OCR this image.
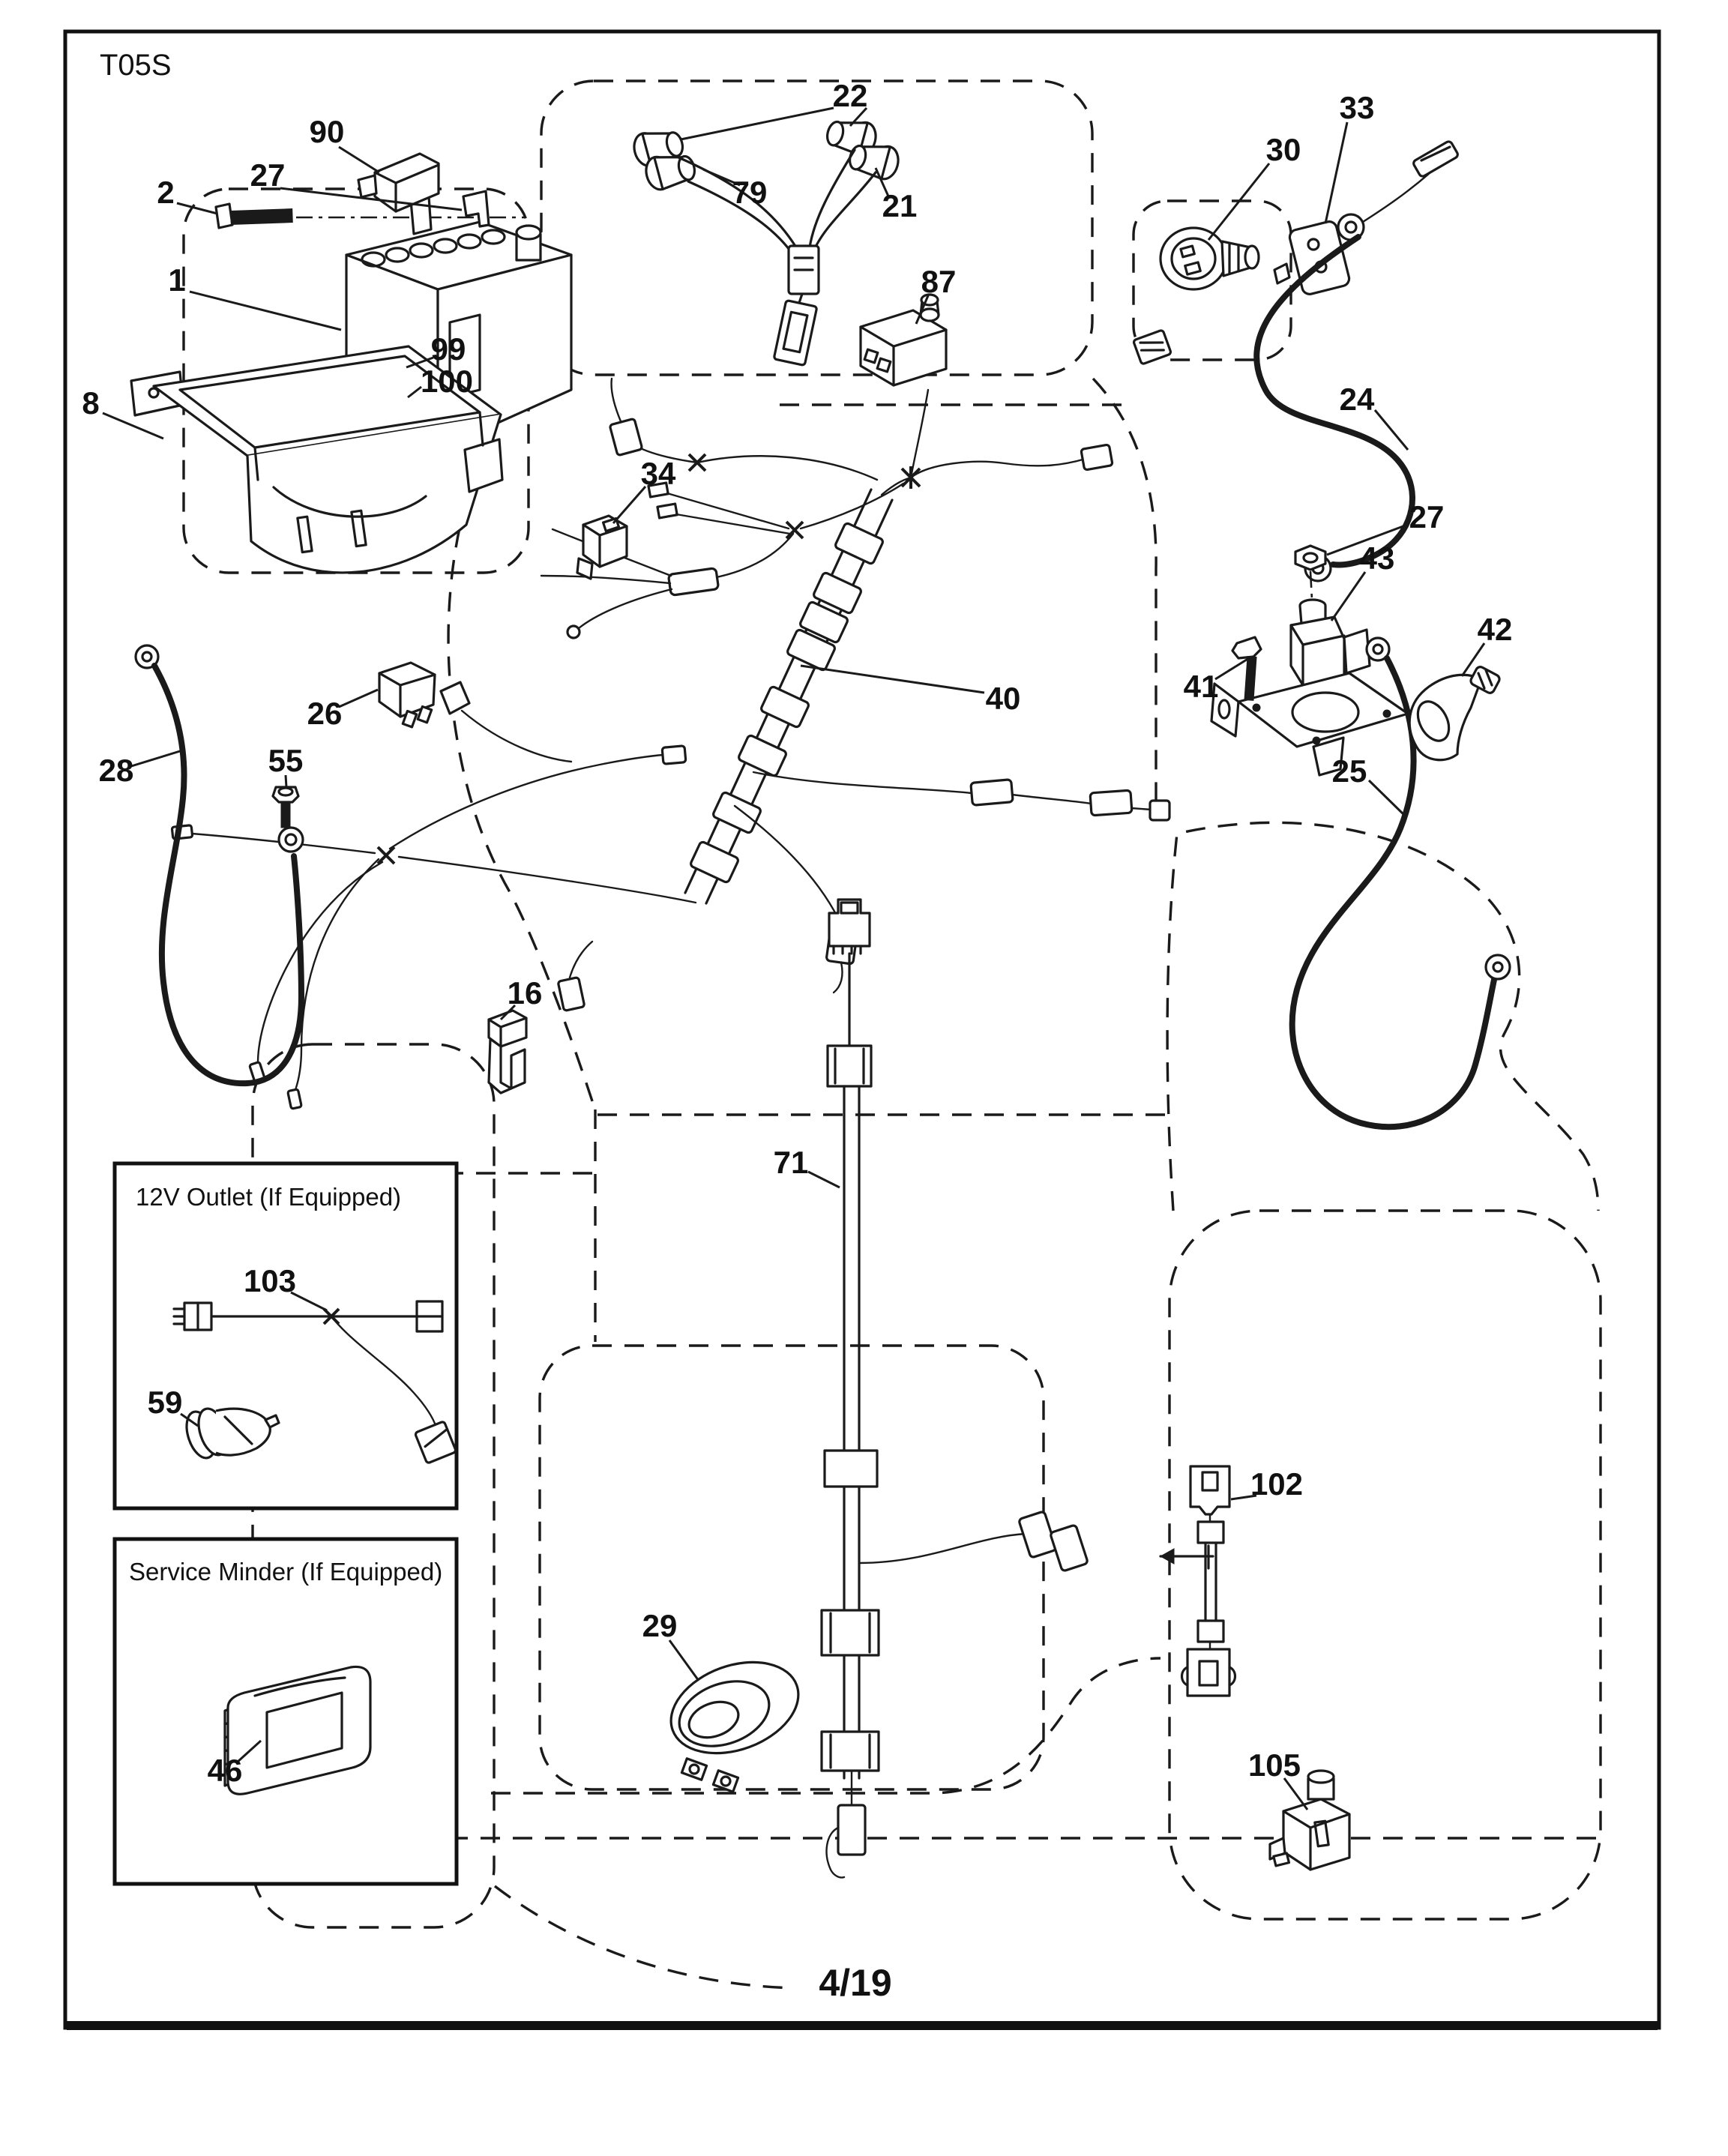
12V Outlet (If Equipped)
Service Minder (If Equipped)
T05S
4/19
90
27
2
1
99
100
8
22
79	21
87
30
33
24
34
27
43
41
42
25
40
26
28	55
16
71
103
59
46
29
102
105
